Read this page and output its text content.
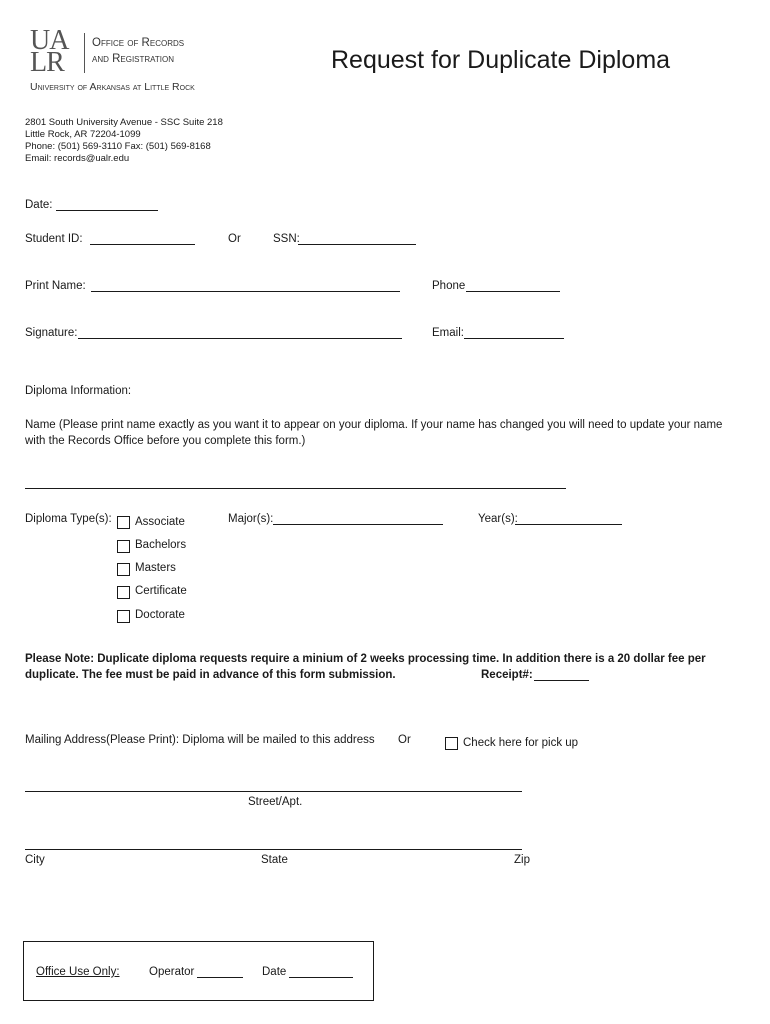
UA
LR
Office of Records
and Registration
University of Arkansas at Little Rock
Request for Duplicate Diploma
2801 South University Avenue - SSC Suite 218
Little Rock, AR 72204-1099
Phone: (501) 569-3110 Fax: (501) 569-8168
Email: records@ualr.edu
Date:
Student ID:	Or	SSN:
Print Name:	Phone
Signature:	Email:
Diploma Information:
Name (Please print name exactly as you want it to appear on your diploma. If your name has changed you will need to update your name
with the Records Office before you complete this form.)
Diploma Type(s): Associate
Bachelors
Masters
Certificate
Doctorate
Major(s):	Year(s):
Please Note: Duplicate diploma requests require a minium of 2 weeks processing time. In addition there is a 20 dollar fee per
duplicate. The fee must be paid in advance of this form submission.	Receipt#:
Mailing Address(Please Print): Diploma will be mailed to this address Or	Check here for pick up
Street/Apt.
City	State	Zip
Office Use Only:	Operator	Date
